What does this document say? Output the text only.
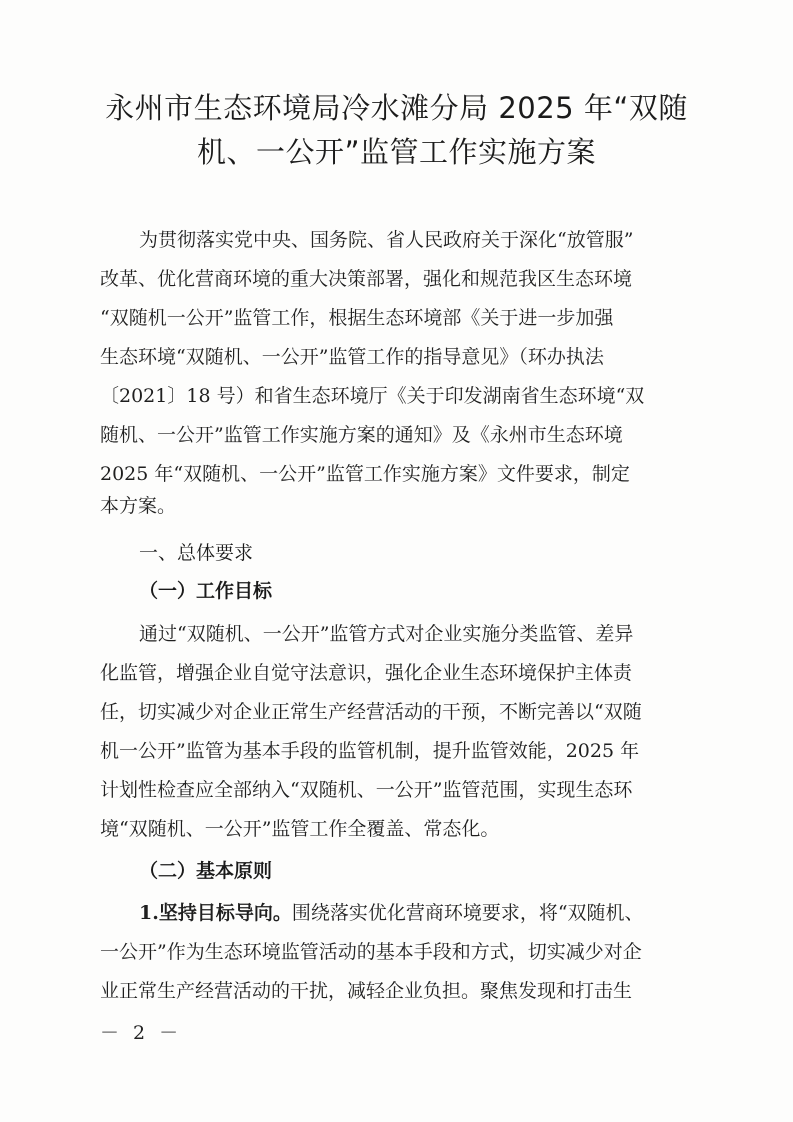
永州市生态环境局冷水滩分局 2025 年“双随
机、一公开”监管工作实施方案
为贯彻落实党中央、国务院、省人民政府关于深化“放管服”
改革、优化营商环境的重大决策部署，强化和规范我区生态环境
“双随机一公开”监管工作，根据生态环境部《关于进一步加强
生态环境“双随机、一公开”监管工作的指导意见》（环办执法
〔2021〕18 号）和省生态环境厅《关于印发湖南省生态环境“双
随机、一公开”监管工作实施方案的通知》及《永州市生态环境
2025 年“双随机、一公开”监管工作实施方案》文件要求，制定
本方案。
一、总体要求
（一）工作目标
通过“双随机、一公开”监管方式对企业实施分类监管、差异
化监管，增强企业自觉守法意识，强化企业生态环境保护主体责
任，切实减少对企业正常生产经营活动的干预，不断完善以“双随
机一公开”监管为基本手段的监管机制，提升监管效能，2025 年
计划性检查应全部纳入“双随机、一公开”监管范围，实现生态环
境“双随机、一公开”监管工作全覆盖、常态化。
（二）基本原则
1.坚持目标导向。围绕落实优化营商环境要求，将“双随机、
一公开”作为生态环境监管活动的基本手段和方式，切实减少对企
业正常生产经营活动的干扰，减轻企业负担。聚焦发现和打击生
－ 2 －
